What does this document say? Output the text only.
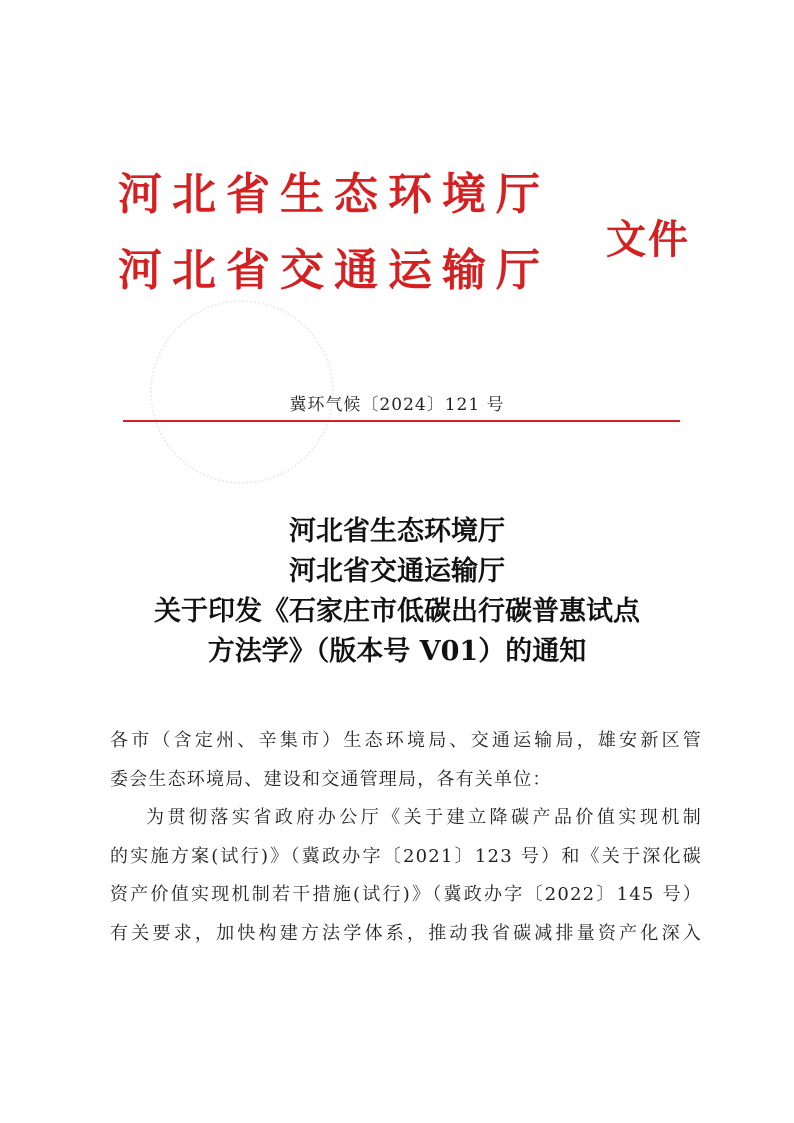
河北省生态环境厅
河北省交通运输厅
文件
冀环气候〔2024〕121 号
河北省生态环境厅
河北省交通运输厅
关于印发《石家庄市低碳出行碳普惠试点
方法学》（版本号 V01）的通知

各市（含定州、辛集市）生态环境局、交通运输局，雄安新区管

委会生态环境局、建设和交通管理局，各有关单位：

为贯彻落实省政府办公厅《关于建立降碳产品价值实现机制

的实施方案(试行)》（冀政办字〔2021〕123 号）和《关于深化碳

资产价值实现机制若干措施(试行)》（冀政办字〔2022〕145 号）

有关要求，加快构建方法学体系，推动我省碳减排量资产化深入
